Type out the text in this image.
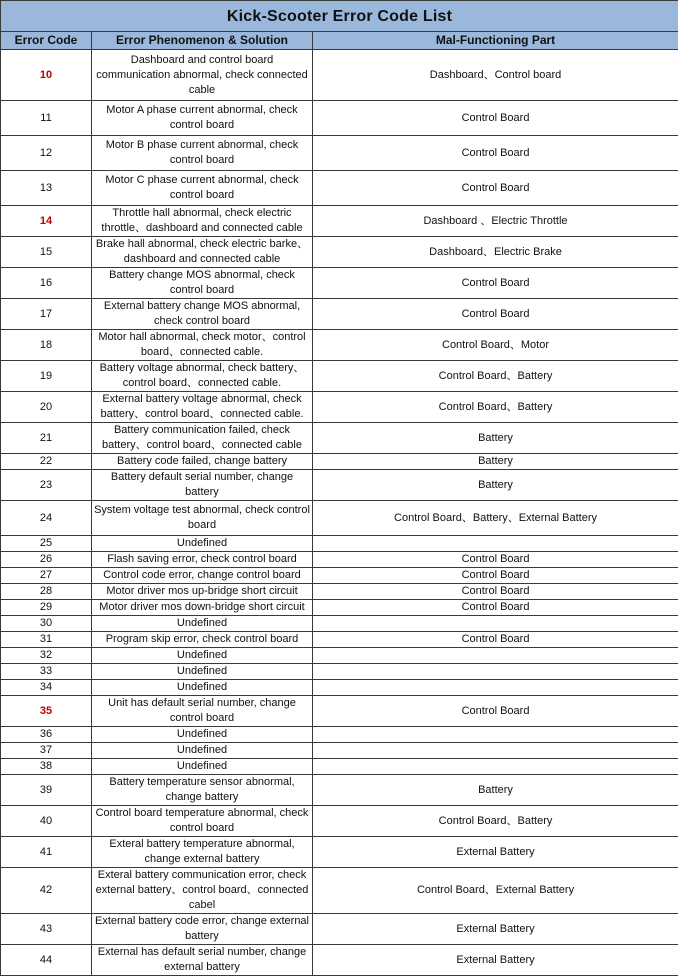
Kick-Scooter Error Code List		
Error Code	Error Phenomenon & Solution	Mal-Functioning Part
10	Dashboard and control board communication abnormal, check connected cable	Dashboard、Control board
11	Motor A phase current abnormal, check control board	Control Board
12	Motor B phase current abnormal, check control board	Control Board
13	Motor C phase current abnormal, check control board	Control Board
14	Throttle hall abnormal, check electric throttle、dashboard and connected cable	Dashboard 、Electric Throttle
15	Brake hall abnormal, check electric barke、dashboard and connected cable	Dashboard、Electric Brake
16	Battery change MOS abnormal, check control board	Control Board
17	External battery change MOS abnormal, check control board	Control Board
18	Motor hall abnormal, check motor、control board、connected cable.	Control Board、Motor
19	Battery voltage abnormal, check battery、control board、connected cable.	Control Board、Battery
20	External battery voltage abnormal, check battery、control board、connected cable.	Control Board、Battery
21	Battery communication failed, check battery、control board、connected cable	Battery
22	Battery code failed, change battery	Battery
23	Battery default serial number, change battery	Battery
24	System voltage test abnormal, check control board	Control Board、Battery、External Battery
25	Undefined	
26	Flash saving error, check control board	Control Board
27	Control code error, change control board	Control Board
28	Motor driver mos up-bridge short circuit	Control Board
29	Motor driver mos down-bridge short circuit	Control Board
30	Undefined	
31	Program skip error, check control board	Control Board
32	Undefined	
33	Undefined	
34	Undefined	
35	Unit has default serial number, change control board	Control Board
36	Undefined	
37	Undefined	
38	Undefined	
39	Battery temperature sensor abnormal, change battery	Battery
40	Control board temperature abnormal, check control board	Control Board、Battery
41	Exteral battery temperature abnormal, change external battery	External Battery
42	Exteral battery communication error, check external battery、control board、connected cabel	Control Board、External Battery
43	External battery code error, change external battery	External Battery
44	External has default serial number, change external battery	External Battery
